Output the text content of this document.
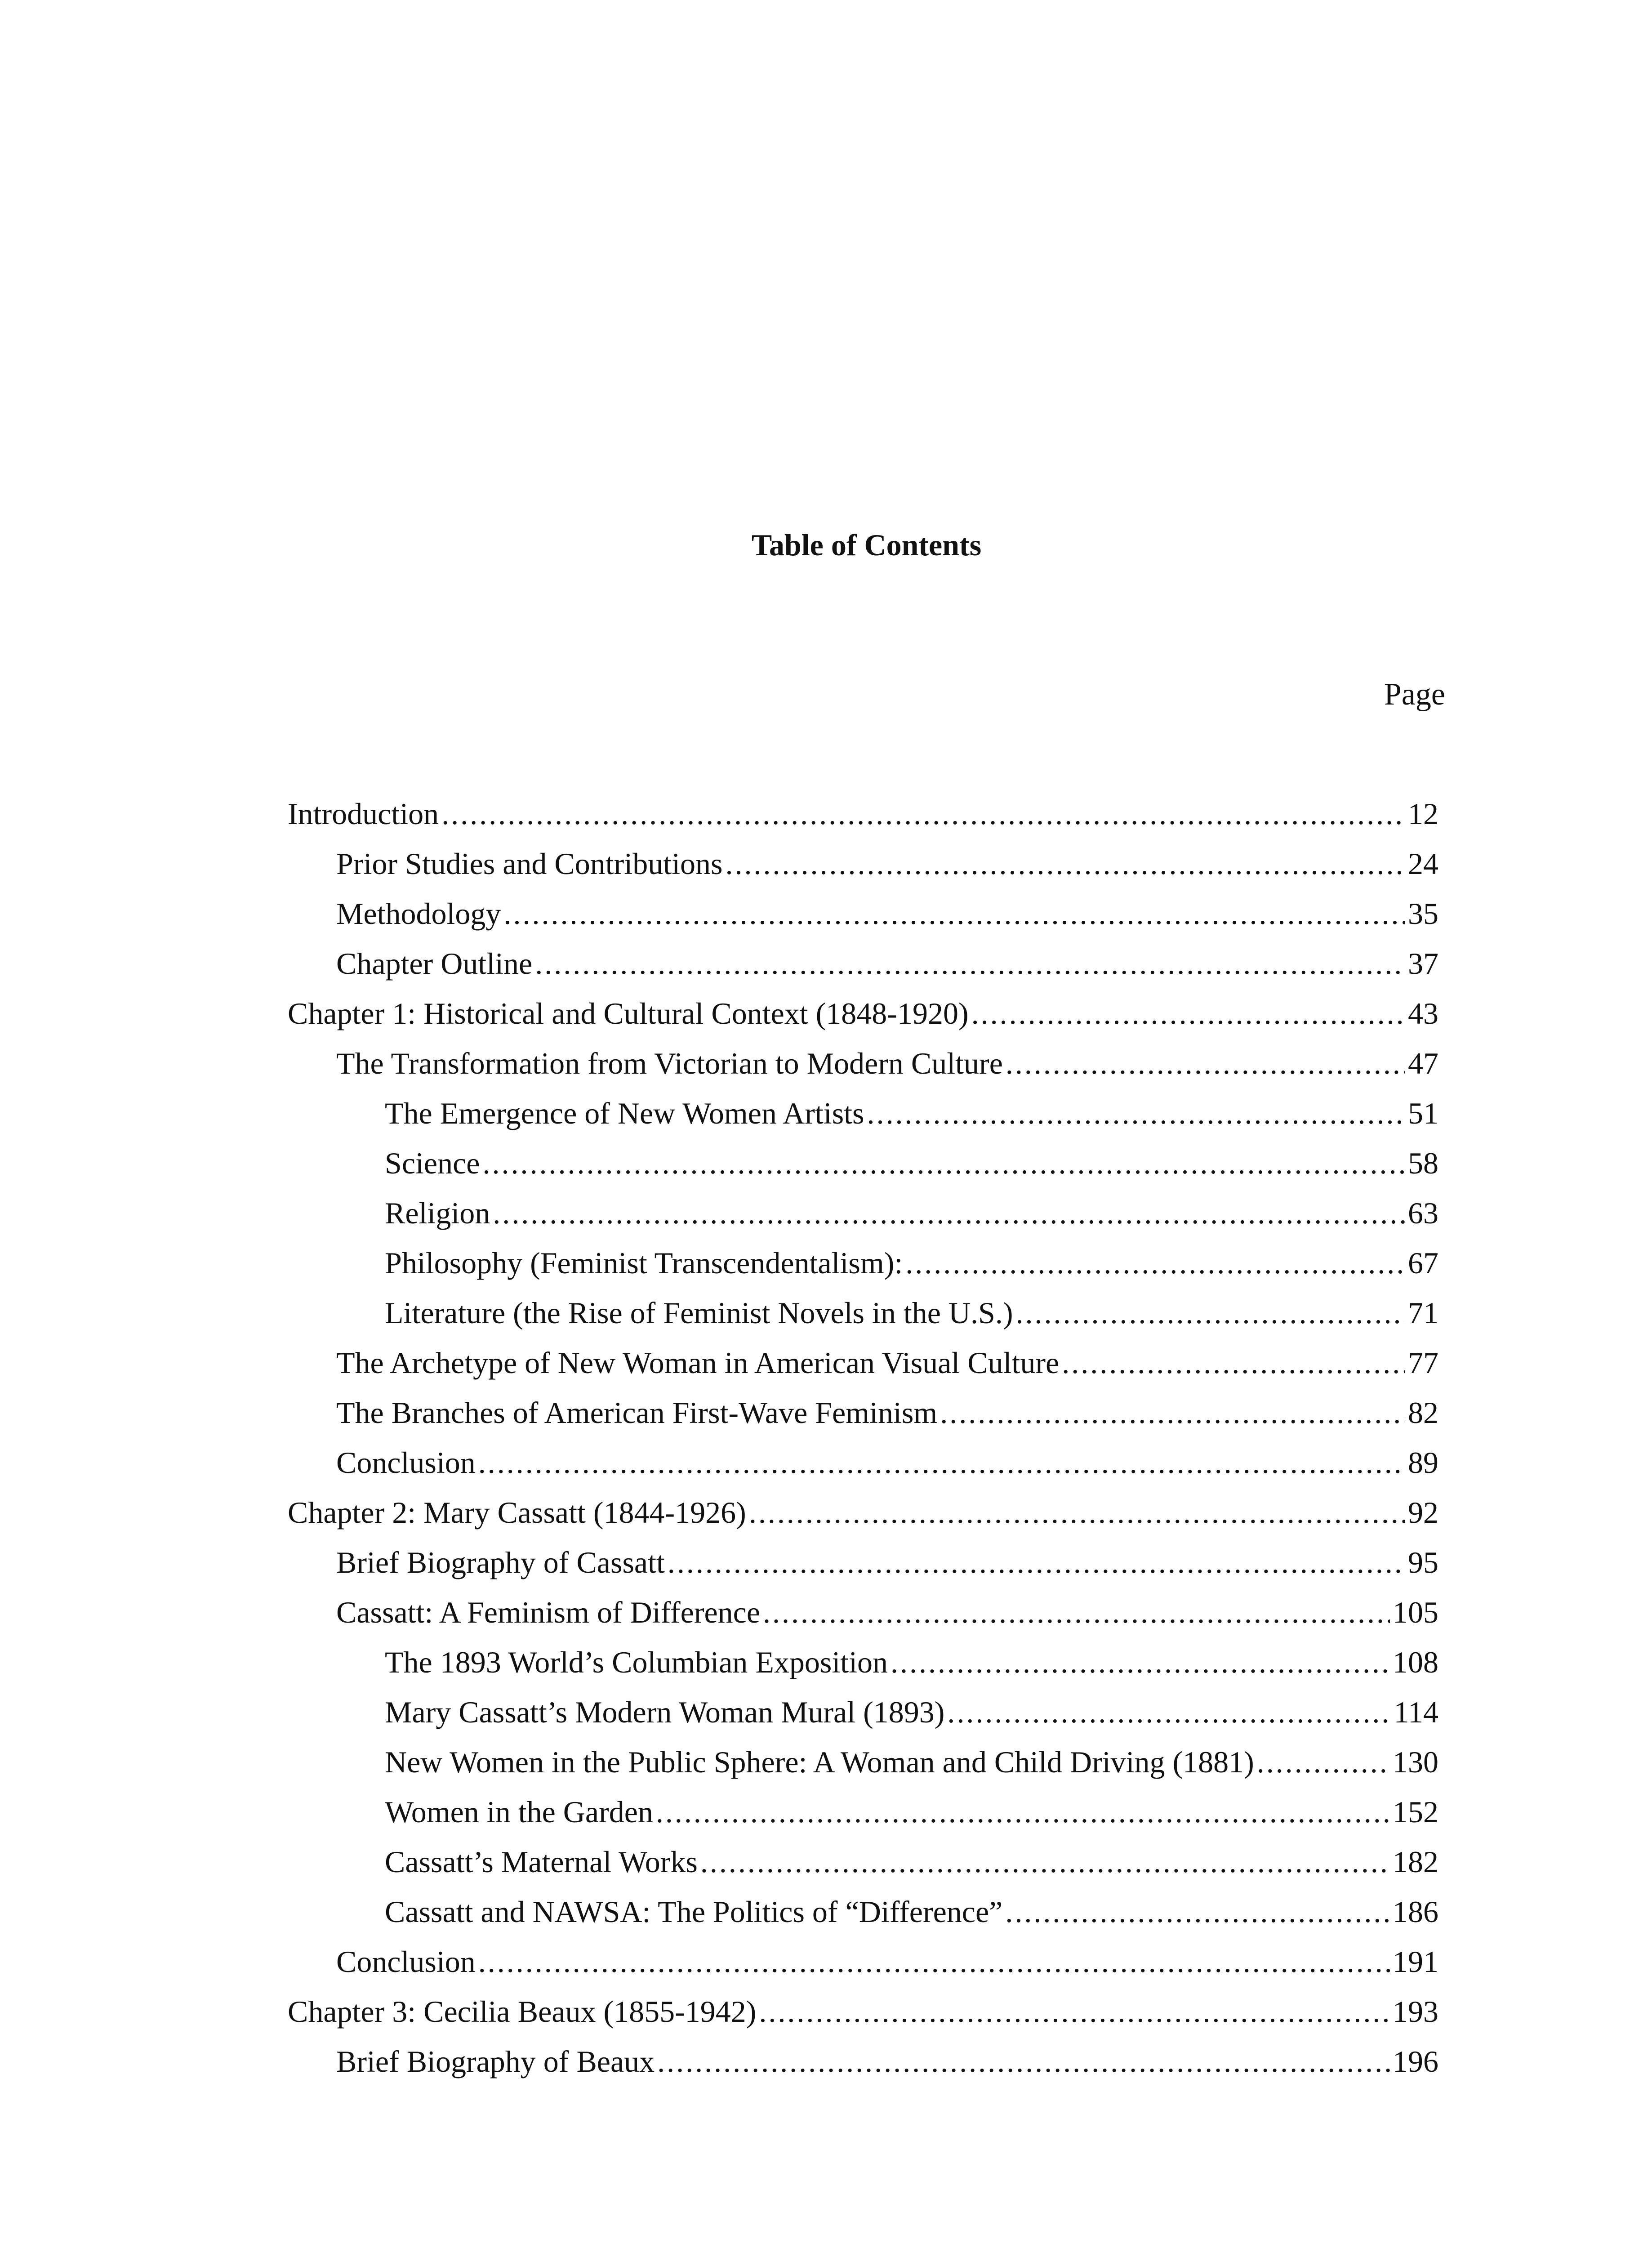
Table of Contents
Page
Introduction .....	12
Prior Studies and Contributions .....	24
Methodology .....	35
Chapter Outline .....	37
Chapter 1: Historical and Cultural Context (1848-1920) .....	43
The Transformation from Victorian to Modern Culture .....	47
The Emergence of New Women Artists .....	51
Science .....	58
Religion .....	63
Philosophy (Feminist Transcendentalism): .....	67
Literature (the Rise of Feminist Novels in the U.S.) .....	71
The Archetype of New Woman in American Visual Culture .....	77
The Branches of American First-Wave Feminism .....	82
Conclusion .....	89
Chapter 2: Mary Cassatt (1844-1926) .....	92
Brief Biography of Cassatt .....	95
Cassatt: A Feminism of Difference .....	105
The 1893 World’s Columbian Exposition .....	108
Mary Cassatt’s Modern Woman Mural (1893) .....	114
New Women in the Public Sphere: A Woman and Child Driving (1881) .....	130
Women in the Garden .....	152
Cassatt’s Maternal Works .....	182
Cassatt and NAWSA: The Politics of “Difference” .....	186
Conclusion .....	191
Chapter 3: Cecilia Beaux (1855-1942) .....	193
Brief Biography of Beaux .....	196
